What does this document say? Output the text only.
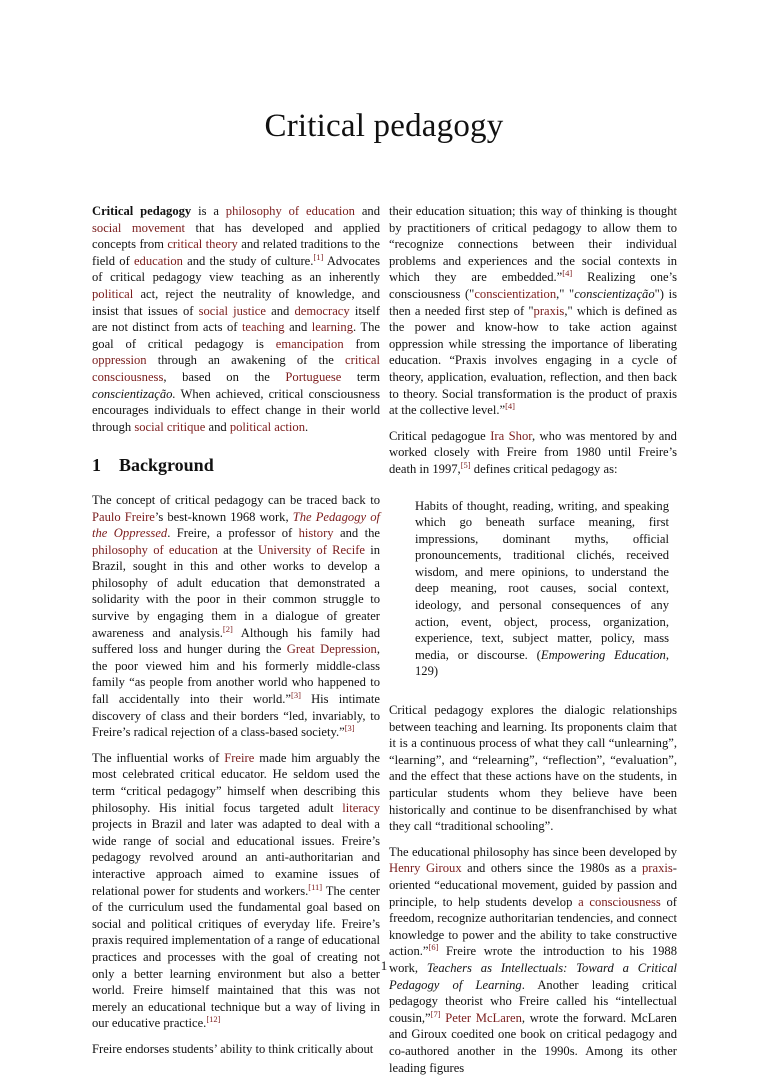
Critical pedagogy

Critical pedagogy is a philosophy of education and social movement that has developed and applied concepts from critical theory and related traditions to the field of education and the study of culture.[1] Advocates of critical pedagogy view teaching as an inherently political act, reject the neutrality of knowledge, and insist that issues of social justice and democracy itself are not distinct from acts of teaching and learning. The goal of critical pedagogy is emancipation from oppression through an awakening of the critical consciousness, based on the Portuguese term conscientização. When achieved, critical consciousness encourages individuals to effect change in their world through social critique and political action.

1 Background

The concept of critical pedagogy can be traced back to Paulo Freire’s best-known 1968 work, The Pedagogy of the Oppressed. Freire, a professor of history and the philosophy of education at the University of Recife in Brazil, sought in this and other works to develop a philosophy of adult education that demonstrated a solidarity with the poor in their common struggle to survive by engaging them in a dialogue of greater awareness and analysis.[2] Although his family had suffered loss and hunger during the Great Depression, the poor viewed him and his formerly middle-class family “as people from another world who happened to fall accidentally into their world.”[3] His intimate discovery of class and their borders “led, invariably, to Freire’s radical rejection of a class-based society.”[3]

The influential works of Freire made him arguably the most celebrated critical educator. He seldom used the term “critical pedagogy” himself when describing this philosophy. His initial focus targeted adult literacy projects in Brazil and later was adapted to deal with a wide range of social and educational issues. Freire’s pedagogy revolved around an anti-authoritarian and interactive approach aimed to examine issues of relational power for students and workers.[11] The center of the curriculum used the fundamental goal based on social and political critiques of everyday life. Freire’s praxis required implementation of a range of educational practices and processes with the goal of creating not only a better learning environment but also a better world. Freire himself maintained that this was not merely an educational technique but a way of living in our educative practice.[12]

Freire endorses students’ ability to think critically about

their education situation; this way of thinking is thought by practitioners of critical pedagogy to allow them to “recognize connections between their individual problems and experiences and the social contexts in which they are embedded.”[4] Realizing one’s consciousness ("conscientization," "conscientização") is then a needed first step of "praxis," which is defined as the power and know-how to take action against oppression while stressing the importance of liberating education. “Praxis involves engaging in a cycle of theory, application, evaluation, reflection, and then back to theory. Social transformation is the product of praxis at the collective level.”[4]

Critical pedagogue Ira Shor, who was mentored by and worked closely with Freire from 1980 until Freire’s death in 1997,[5] defines critical pedagogy as:

Habits of thought, reading, writing, and speaking which go beneath surface meaning, first impressions, dominant myths, official pronouncements, traditional clichés, received wisdom, and mere opinions, to understand the deep meaning, root causes, social context, ideology, and personal consequences of any action, event, object, process, organization, experience, text, subject matter, policy, mass media, or discourse. (Empowering Education, 129)

Critical pedagogy explores the dialogic relationships between teaching and learning. Its proponents claim that it is a continuous process of what they call “unlearning”, “learning”, and “relearning”, “reflection”, “evaluation”, and the effect that these actions have on the students, in particular students whom they believe have been historically and continue to be disenfranchised by what they call “traditional schooling”.

The educational philosophy has since been developed by Henry Giroux and others since the 1980s as a praxis-oriented “educational movement, guided by passion and principle, to help students develop a consciousness of freedom, recognize authoritarian tendencies, and connect knowledge to power and the ability to take constructive action.”[6] Freire wrote the introduction to his 1988 work, Teachers as Intellectuals: Toward a Critical Pedagogy of Learning. Another leading critical pedagogy theorist who Freire called his “intellectual cousin,”[7] Peter McLaren, wrote the forward. McLaren and Giroux coedited one book on critical pedagogy and co-authored another in the 1990s. Among its other leading figures

1
